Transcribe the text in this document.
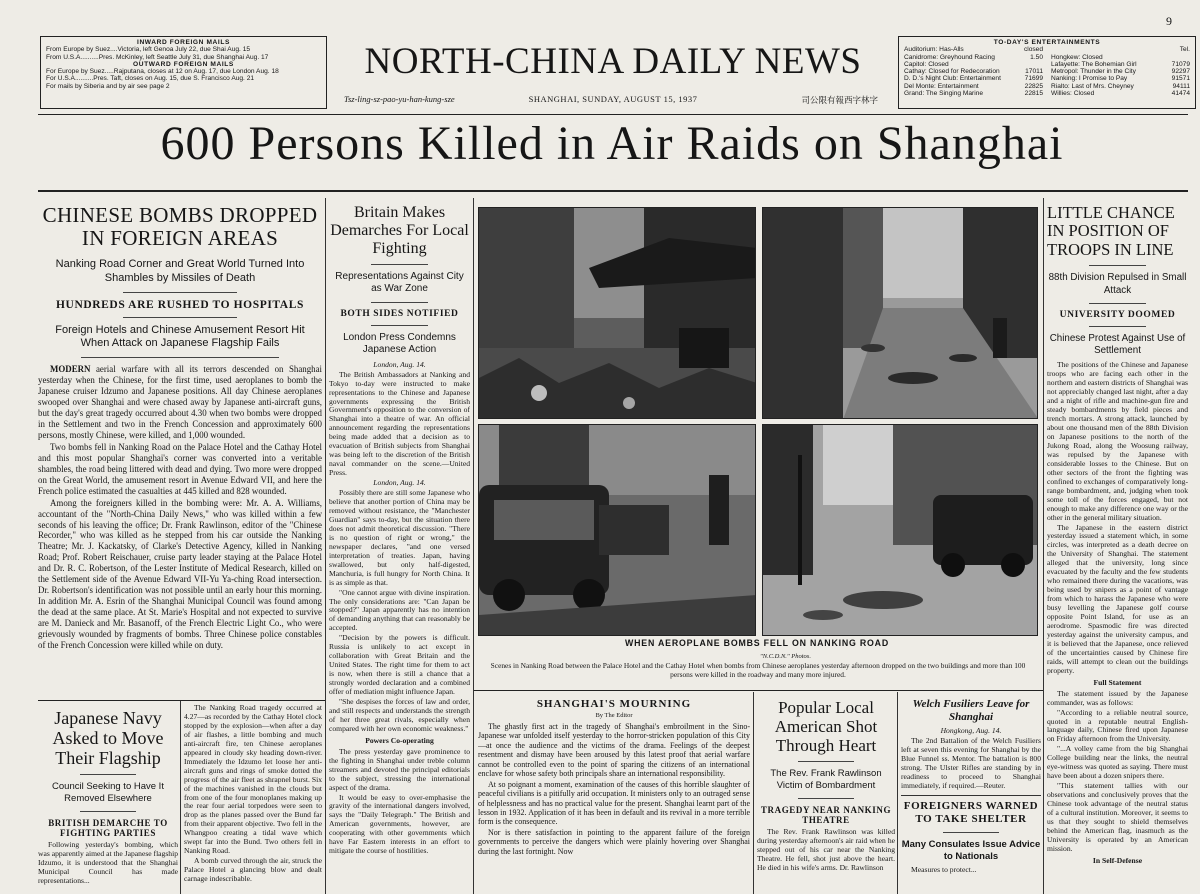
9
INWARD FOREIGN MAILS
From Europe by Suez....Victoria, left Genoa July 22, due Shai Aug. 15
From U.S.A..........Pres. McKinley, left Seattle July 31, due Shanghai Aug. 17
OUTWARD FOREIGN MAILS
For Europe by Suez.....Rajputana, closes at 12 on Aug. 17, due London Aug. 18
For U.S.A..........Pres. Taft, closes on Aug. 15, due S. Francisco Aug. 21
For mails by Siberia and by air see page 2
NORTH-CHINA DAILY NEWS
Tsz-ling-sz-pao-yu-han-kung-sze	SHANGHAI, SUNDAY, AUGUST 15, 1937	司公限有報西字林字
TO-DAY'S ENTERTAINMENTS
Auditorium: Has-Alls	closed
Canidrome: Greyhound Racing	1.50
Capitol: Closed
Cathay: Closed for Redecoration	17011
D. D.'s Night Club: Entertainment	71699
Del Monte: Entertainment	22825
Grand: The Singing Marine	22815
Tel.
Hongkew: Closed
Lafayette: The Bohemian Girl	71079
Metropol: Thunder in the City	92297
Nanking: I Promise to Pay	91571
Rialto: Last of Mrs. Cheyney	94111
Willies: Closed	41474
600 Persons Killed in Air Raids on Shanghai
CHINESE BOMBS DROPPED IN FOREIGN AREAS
Nanking Road Corner and Great World Turned Into Shambles by Missiles of Death
HUNDREDS ARE RUSHED TO HOSPITALS
Foreign Hotels and Chinese Amusement Resort Hit When Attack on Japanese Flagship Fails

MODERN aerial warfare with all its terrors descended on Shanghai yesterday when the Chinese, for the first time, used aeroplanes to bomb the Japanese cruiser Idzumo and Japanese positions. All day Chinese aeroplanes swooped over Shanghai and were chased away by Japanese anti-aircraft guns, but the day's great tragedy occurred about 4.30 when two bombs were dropped in the Settlement and two in the French Concession and approximately 600 persons, mostly Chinese, were killed, and 1,000 wounded.

Two bombs fell in Nanking Road on the Palace Hotel and the Cathay Hotel and this most popular Shanghai's corner was converted into a veritable shambles, the road being littered with dead and dying. Two more were dropped on the Great World, the amusement resort in Avenue Edward VII, and here the French police estimated the casualties at 445 killed and 828 wounded.

Among the foreigners killed in the bombing were: Mr. A. A. Williams, accountant of the "North-China Daily News," who was killed within a few seconds of his leaving the office; Dr. Frank Rawlinson, editor of the "Chinese Recorder," who was killed as he stepped from his car outside the Nanking Theatre; Mr. J. Kackatsky, of Clarke's Detective Agency, killed in Nanking Road; Prof. Robert Reischauer, cruise party leader staying at the Palace Hotel and Dr. R. C. Robertson, of the Lester Institute of Medical Research, killed on the Settlement side of the Avenue Edward VII-Yu Ya-ching Road intersection. Dr. Robertson's identification was not possible until an early hour this morning. In addition Mr. A. Esrin of the Shanghai Municipal Council was found among the dead at the same place. At St. Marie's Hospital and not expected to survive are M. Danieck and Mr. Basanoff, of the French Electric Light Co., who were grievously wounded by fragments of bombs. Three Chinese police constables of the French Concession were killed while on duty.

Japanese Navy Asked to Move Their Flagship
Council Seeking to Have It Removed Elsewhere
BRITISH DEMARCHE TO FIGHTING PARTIES

Following yesterday's bombing, which was apparently aimed at the Japanese flagship Idzumo, it is understood that the Shanghai Municipal Council has made representations...

The Nanking Road tragedy occurred at 4.27—as recorded by the Cathay Hotel clock stopped by the explosion—when after a day of air flashes, a little bombing and much anti-aircraft fire, ten Chinese aeroplanes appeared in cloudy sky heading down-river. Immediately the Idzumo let loose her anti-aircraft guns and rings of smoke dotted the progress of the air fleet as shrapnel burst. Six of the machines vanished in the clouds but from one of the four monoplanes making up the rear four aerial torpedoes were seen to drop as the planes passed over the Bund far from their apparent objective. Two fell in the Whangpoo creating a tidal wave which swept far into the Bund. Two others fell in Nanking Road.

A bomb curved through the air, struck the Palace Hotel a glancing blow and dealt carnage indescribable.

Britain Makes Demarches For Local Fighting
Representations Against City as War Zone
BOTH SIDES NOTIFIED
London Press Condemns Japanese Action

London, Aug. 14.

The British Ambassadors at Nanking and Tokyo to-day were instructed to make representations to the Chinese and Japanese governments expressing the British Government's opposition to the conversion of Shanghai into a theatre of war. An official announcement regarding the representations being made added that a decision as to evacuation of British subjects from Shanghai was being left to the discretion of the British naval commander on the scene.—United Press.

London, Aug. 14.

Possibly there are still some Japanese who believe that another portion of China may be removed without resistance, the "Manchester Guardian" says to-day, but the situation there does not admit theoretical discussion. "There is no question of right or wrong," the newspaper declares, "and one versed interpretation of treaties. Japan, having swallowed, but only half-digested, Manchuria, is full hungry for North China. It is as simple as that.

"One cannot argue with divine inspiration. The only considerations are: "Can Japan be stopped?" Japan apparently has no intention of demanding anything that can reasonably be accepted.

"Decision by the powers is difficult. Russia is unlikely to act except in collaboration with Great Britain and the United States. The right time for them to act is now, when there is still a chance that a strongly worded declaration and a combined offer of mediation might influence Japan.

"She despises the forces of law and order, and still respects and understands the strength of her three great rivals, especially when compared with her own economic weakness."

Powers Co-operating

The press yesterday gave prominence to the fighting in Shanghai under treble column streamers and devoted the principal editorials to the subject, stressing the international aspect of the drama.

It would be easy to over-emphasise the gravity of the international dangers involved, says the "Daily Telegraph." The British and American governments, however, are cooperating with other governments which have Far Eastern interests in an effort to mitigate the course of hostilities.

WHEN AEROPLANE BOMBS FELL ON NANKING ROAD
"N.C.D.N." Photos.
Scenes in Nanking Road between the Palace Hotel and the Cathay Hotel when bombs from Chinese aeroplanes yesterday afternoon dropped on the two buildings and more than 100 persons were killed in the roadway and many more injured.
SHANGHAI'S MOURNING
By The Editor

The ghastly first act in the tragedy of Shanghai's embroilment in the Sino-Japanese war unfolded itself yesterday to the horror-stricken population of this City—at once the audience and the victims of the drama. Feelings of the deepest resentment and dismay have been aroused by this latest proof that aerial warfare cannot be controlled even to the point of sparing the citizens of an international enclave for whose safety both principals share an international responsibility.

At so poignant a moment, examination of the causes of this horrible slaughter of peaceful civilians is a pitifully arid occupation. It ministers only to an outraged sense of helplessness and has no practical value for the present. Shanghai learnt part of the lesson in 1932. Application of it has been in default and its revival in a more terrible form is the consequence.

Nor is there satisfaction in pointing to the apparent failure of the foreign governments to perceive the dangers which were plainly hovering over Shanghai during the last fortnight. Now

Popular Local American Shot Through Heart
The Rev. Frank Rawlinson Victim of Bombardment
TRAGEDY NEAR NANKING THEATRE

The Rev. Frank Rawlinson was killed during yesterday afternoon's air raid when he stepped out of his car near the Nanking Theatre. He fell, shot just above the heart. He died in his wife's arms. Dr. Rawlinson

Welch Fusiliers Leave for Shanghai

Hongkong, Aug. 14.

The 2nd Battalion of the Welch Fusiliers left at seven this evening for Shanghai by the Blue Funnel ss. Mentor. The battalion is 800 strong. The Ulster Rifles are standing by in readiness to proceed to Shanghai immediately, if required.—Reuter.

FOREIGNERS WARNED TO TAKE SHELTER
Many Consulates Issue Advice to Nationals

Measures to protect...

LITTLE CHANCE IN POSITION OF TROOPS IN LINE
88th Division Repulsed in Small Attack
UNIVERSITY DOOMED
Chinese Protest Against Use of Settlement

The positions of the Chinese and Japanese troops who are facing each other in the northern and eastern districts of Shanghai was not appreciably changed last night, after a day and a night of rifle and machine-gun fire and steady bombardments by field pieces and trench mortars. A strong attack, launched by about one thousand men of the 88th Division on Japanese positions to the north of the Jukong Road, along the Woosung railway, was repulsed by the Japanese with considerable losses to the Chinese. But on other sectors of the front the fighting was confined to exchanges of comparatively long-range bombardment, and, judging when took some toll of the forces engaged, but not enough to make any difference one way or the other in the general military situation.

The Japanese in the eastern district yesterday issued a statement which, in some circles, was interpreted as a death decree on the University of Shanghai. The statement alleged that the university, long since evacuated by the faculty and the few students who remained there during the vacations, was being used by snipers as a point of vantage from which to harass the Japanese who were busy levelling the Japanese golf course opposite Point Island, for use as an aerodrome. Spasmodic fire was directed yesterday against the university campus, and it is believed that the Japanese, once relieved of the uncertainties caused by Chinese fire raids, will attempt to clean out the buildings property.

Full Statement

The statement issued by the Japanese commander, was as follows:

"According to a reliable neutral source, quoted in a reputable neutral English-language daily, Chinese fired upon Japanese on Friday afternoon from the University.

"...A volley came from the big Shanghai College building near the links, the neutral eye-witness was quoted as saying. There must have been about a dozen snipers there.

"This statement tallies with our observations and conclusively proves that the Chinese took advantage of the neutral status of a cultural institution. Moreover, it seems to us that they sought to shield themselves behind the American flag, inasmuch as the University is operated by an American mission.

In Self-Defense
